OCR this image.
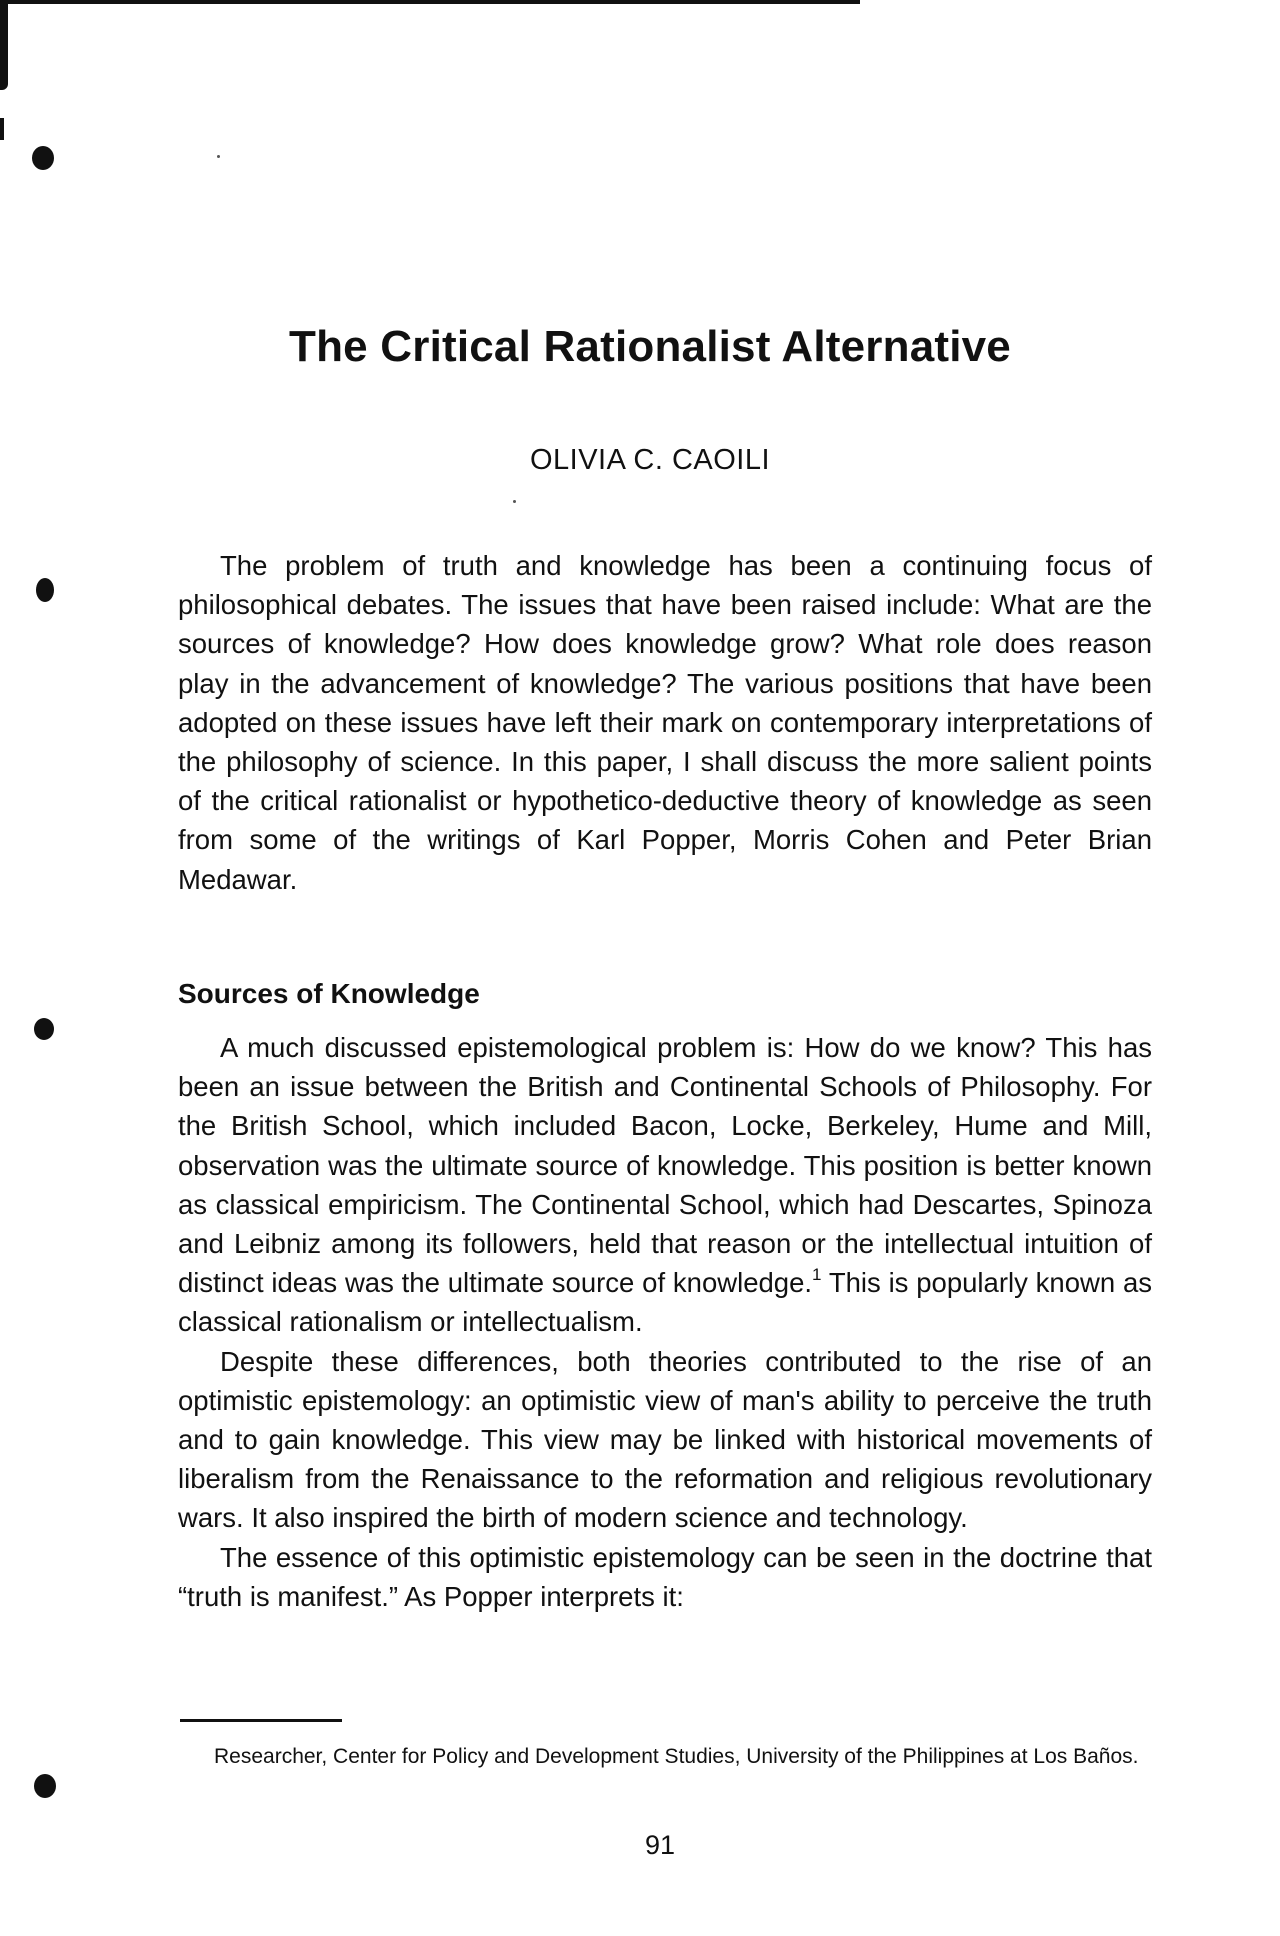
The Critical Rationalist Alternative
OLIVIA C. CAOILI

The problem of truth and knowledge has been a continuing focus of philosophical debates. The issues that have been raised include: What are the sources of knowledge? How does knowledge grow? What role does reason play in the advancement of knowledge? The various positions that have been adopted on these issues have left their mark on contemporary interpretations of the philosophy of science. In this paper, I shall discuss the more salient points of the critical rationalist or hypothetico-deductive theory of knowledge as seen from some of the writings of Karl Popper, Morris Cohen and Peter Brian Medawar.

Sources of Knowledge

A much discussed epistemological problem is: How do we know? This has been an issue between the British and Continental Schools of Philosophy. For the British School, which included Bacon, Locke, Berkeley, Hume and Mill, observation was the ultimate source of knowledge. This position is better known as classical empiricism. The Continental School, which had Descartes, Spinoza and Leibniz among its followers, held that reason or the intellectual intuition of distinct ideas was the ultimate source of knowledge.$^1$ This is popularly known as classical rationalism or intellectualism.

Despite these differences, both theories contributed to the rise of an optimistic epistemology: an optimistic view of man's ability to perceive the truth and to gain knowledge. This view may be linked with historical movements of liberalism from the Renaissance to the reformation and religious revolutionary wars. It also inspired the birth of modern science and technology.

The essence of this optimistic epistemology can be seen in the doctrine that “truth is manifest.” As Popper interprets it:

Researcher, Center for Policy and Development Studies, University of the Philippines at Los Baños.
91
